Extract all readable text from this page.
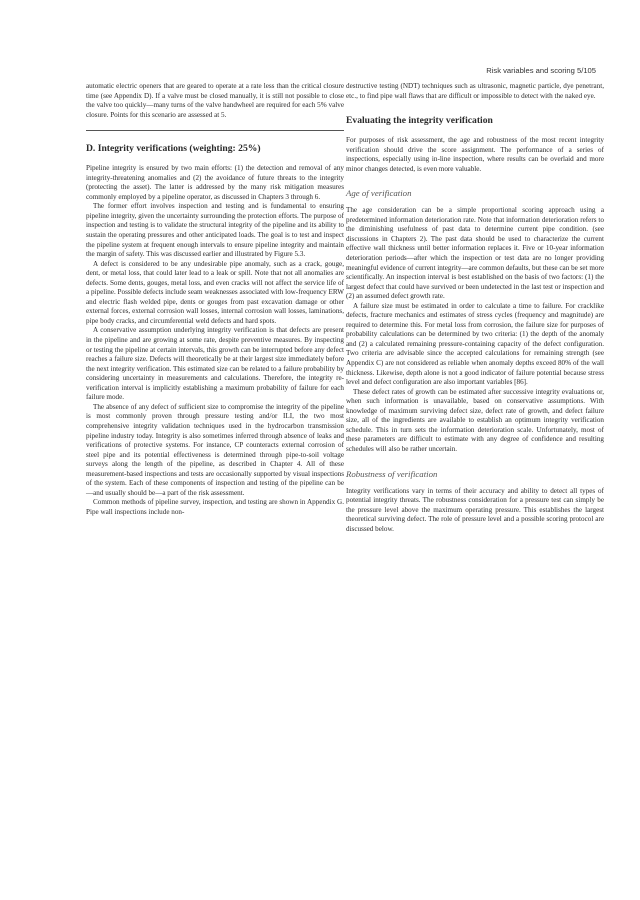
Risk variables and scoring 5/105

automatic electric openers that are geared to operate at a rate less than the critical closure time (see Appendix D). If a valve must be closed manually, it is still not possible to close the valve too quickly—many turns of the valve handwheel are required for each 5% valve closure. Points for this scenario are assessed at 5.

D. Integrity verifications (weighting: 25%)

Pipeline integrity is ensured by two main efforts: (1) the detection and removal of any integrity-threatening anomalies and (2) the avoidance of future threats to the integrity (protecting the asset). The latter is addressed by the many risk mitigation measures commonly employed by a pipeline operator, as discussed in Chapters 3 through 6.

The former effort involves inspection and testing and is fundamental to ensuring pipeline integrity, given the uncertainty surrounding the protection efforts. The purpose of inspection and testing is to validate the structural integrity of the pipeline and its ability to sustain the operating pressures and other anticipated loads. The goal is to test and inspect the pipeline system at frequent enough intervals to ensure pipeline integrity and maintain the margin of safety. This was discussed earlier and illustrated by Figure 5.3.

A defect is considered to be any undesirable pipe anomaly, such as a crack, gouge, dent, or metal loss, that could later lead to a leak or spill. Note that not all anomalies are defects. Some dents, gouges, metal loss, and even cracks will not affect the service life of a pipeline. Possible defects include seam weaknesses associated with low-frequency ERW and electric flash welded pipe, dents or gouges from past excavation damage or other external forces, external corrosion wall losses, internal corrosion wall losses, laminations, pipe body cracks, and circumferential weld defects and hard spots.

A conservative assumption underlying integrity verification is that defects are present in the pipeline and are growing at some rate, despite preventive measures. By inspecting or testing the pipeline at certain intervals, this growth can be interrupted before any defect reaches a failure size. Defects will theoretically be at their largest size immediately before the next integrity verification. This estimated size can be related to a failure probability by considering uncertainty in measurements and calculations. Therefore, the integrity re-verification interval is implicitly establishing a maximum probability of failure for each failure mode.

The absence of any defect of sufficient size to compromise the integrity of the pipeline is most commonly proven through pressure testing and/or ILI, the two most comprehensive integrity validation techniques used in the hydrocarbon transmission pipeline industry today. Integrity is also sometimes inferred through absence of leaks and verifications of protective systems. For instance, CP counteracts external corrosion of steel pipe and its potential effectiveness is determined through pipe-to-soil voltage surveys along the length of the pipeline, as described in Chapter 4. All of these measurement-based inspections and tests are occasionally supported by visual inspections of the system. Each of these components of inspection and testing of the pipeline can be—and usually should be—a part of the risk assessment.

Common methods of pipeline survey, inspection, and testing are shown in Appendix G. Pipe wall inspections include non-

destructive testing (NDT) techniques such as ultrasonic, magnetic particle, dye penetrant, etc., to find pipe wall flaws that are difficult or impossible to detect with the naked eye.

Evaluating the integrity verification

For purposes of risk assessment, the age and robustness of the most recent integrity verification should drive the score assignment. The performance of a series of inspections, especially using in-line inspection, where results can be overlaid and more minor changes detected, is even more valuable.

Age of verification

The age consideration can be a simple proportional scoring approach using a predetermined information deterioration rate. Note that information deterioration refers to the diminishing usefulness of past data to determine current pipe condition. (see discussions in Chapters 2). The past data should be used to characterize the current effective wall thickness until better information replaces it. Five or 10-year information deterioration periods—after which the inspection or test data are no longer providing meaningful evidence of current integrity—are common defaults, but these can be set more scientifically. An inspection interval is best established on the basis of two factors: (1) the largest defect that could have survived or been undetected in the last test or inspection and (2) an assumed defect growth rate.

A failure size must be estimated in order to calculate a time to failure. For cracklike defects, fracture mechanics and estimates of stress cycles (frequency and magnitude) are required to determine this. For metal loss from corrosion, the failure size for purposes of probability calculations can be determined by two criteria: (1) the depth of the anomaly and (2) a calculated remaining pressure-containing capacity of the defect configuration. Two criteria are advisable since the accepted calculations for remaining strength (see Appendix C) are not considered as reliable when anomaly depths exceed 80% of the wall thickness. Likewise, depth alone is not a good indicator of failure potential because stress level and defect configuration are also important variables [86].

These defect rates of growth can be estimated after successive integrity evaluations or, when such information is unavailable, based on conservative assumptions. With knowledge of maximum surviving defect size, defect rate of growth, and defect failure size, all of the ingredients are available to establish an optimum integrity verification schedule. This in turn sets the information deterioration scale. Unfortunately, most of these parameters are difficult to estimate with any degree of confidence and resulting schedules will also be rather uncertain.

Robustness of verification

Integrity verifications vary in terms of their accuracy and ability to detect all types of potential integrity threats. The robustness consideration for a pressure test can simply be the pressure level above the maximum operating pressure. This establishes the largest theoretical surviving defect. The role of pressure level and a possible scoring protocol are discussed below.
